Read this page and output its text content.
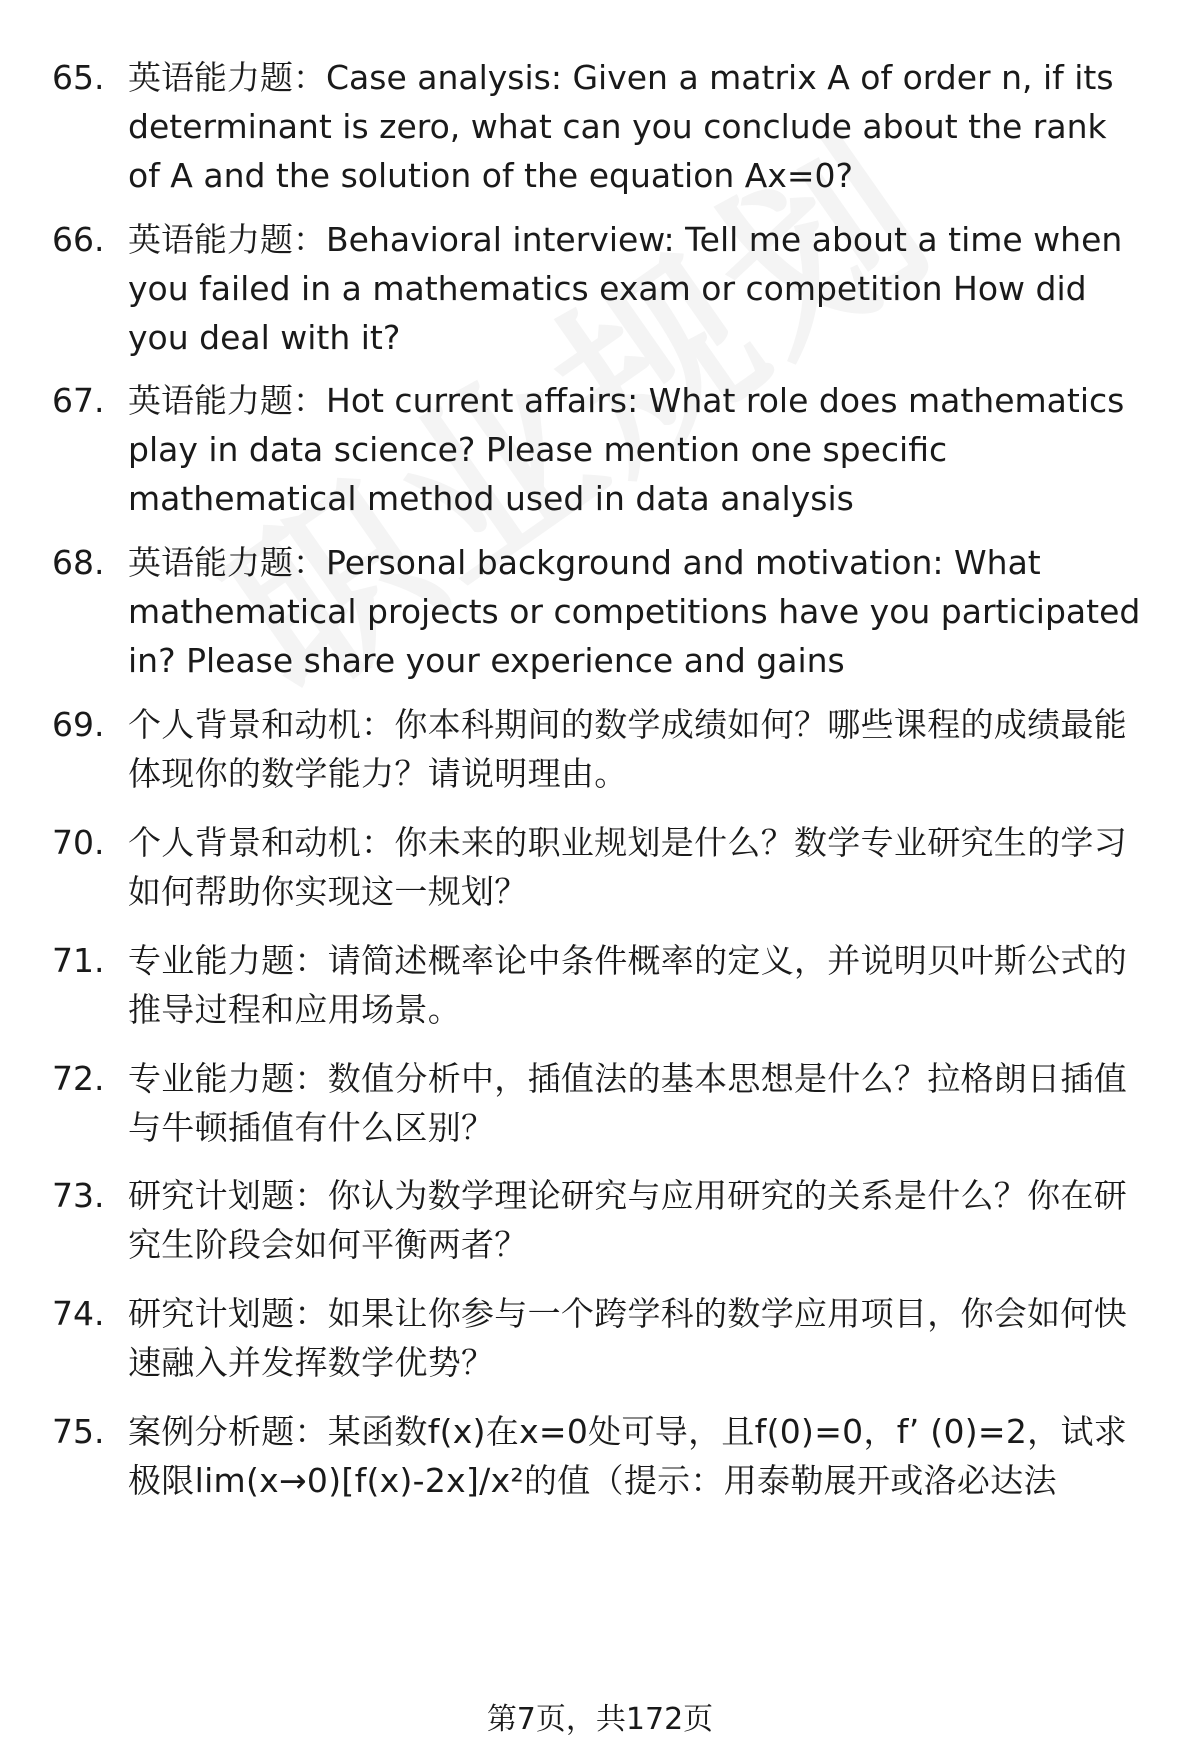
65. 英语能力题：Case analysis: Given a matrix A of order n, if its determinant is zero, what can you conclude about the rank of A and the solution of the equation Ax=0?

66. 英语能力题：Behavioral interview: Tell me about a time when you failed in a mathematics exam or competition How did you deal with it?

67. 英语能力题：Hot current affairs: What role does mathematics play in data science? Please mention one specific mathematical method used in data analysis

68. 英语能力题：Personal background and motivation: What mathematical projects or competitions have you participated in? Please share your experience and gains

69. 个人背景和动机：你本科期间的数学成绩如何？哪些课程的成绩最能体现你的数学能力？请说明理由。

70. 个人背景和动机：你未来的职业规划是什么？数学专业研究生的学习如何帮助你实现这一规划？

71. 专业能力题：请简述概率论中条件概率的定义，并说明贝叶斯公式的推导过程和应用场景。

72. 专业能力题：数值分析中，插值法的基本思想是什么？拉格朗日插值与牛顿插值有什么区别？

73. 研究计划题：你认为数学理论研究与应用研究的关系是什么？你在研究生阶段会如何平衡两者？

74. 研究计划题：如果让你参与一个跨学科的数学应用项目，你会如何快速融入并发挥数学优势？

75. 案例分析题：某函数f(x)在x=0处可导，且f(0)=0，f’ (0)=2，试求极限lim(x→0)[f(x)-2x]/x²的值（提示：用泰勒展开或洛必达法

第7页，共172页
